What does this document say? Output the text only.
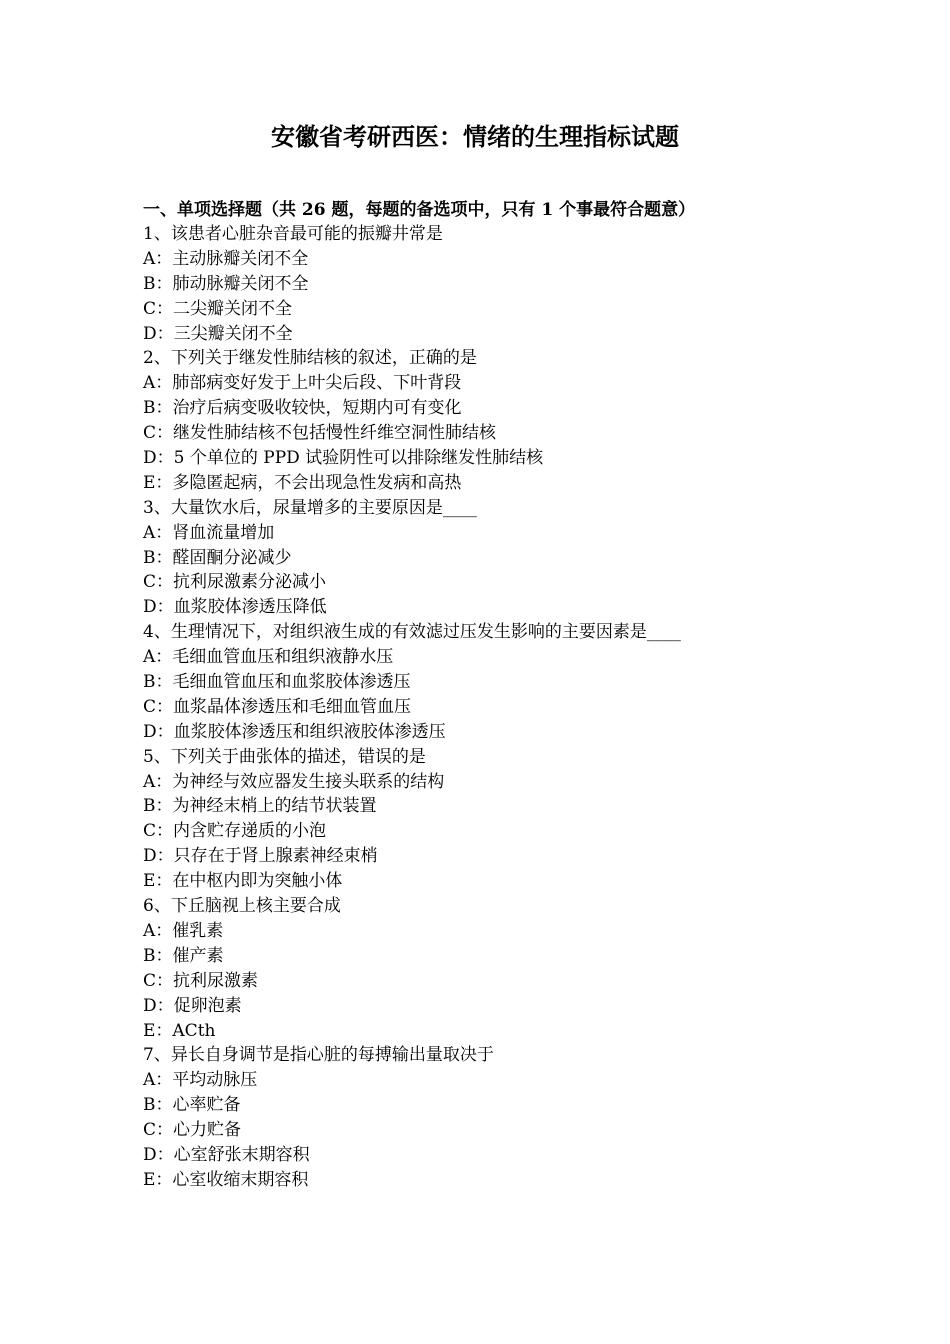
安徽省考研西医：情绪的生理指标试题
一、单项选择题（共 26 题，每题的备选项中，只有 1 个事最符合题意）
1、该患者心脏杂音最可能的振瓣井常是
A：主动脉瓣关闭不全
B：肺动脉瓣关闭不全
C：二尖瓣关闭不全
D：三尖瓣关闭不全
2、下列关于继发性肺结核的叙述，正确的是
A：肺部病变好发于上叶尖后段、下叶背段
B：治疗后病变吸收较快，短期内可有变化
C：继发性肺结核不包括慢性纤维空洞性肺结核
D：5 个单位的 PPD 试验阴性可以排除继发性肺结核
E：多隐匿起病，不会出现急性发病和高热
3、大量饮水后，尿量增多的主要原因是____
A：肾血流量增加
B：醛固酮分泌减少
C：抗利尿激素分泌减小
D：血浆胶体渗透压降低
4、生理情况下，对组织液生成的有效滤过压发生影响的主要因素是____
A：毛细血管血压和组织液静水压
B：毛细血管血压和血浆胶体渗透压
C：血浆晶体渗透压和毛细血管血压
D：血浆胶体渗透压和组织液胶体渗透压
5、下列关于曲张体的描述，错误的是
A：为神经与效应器发生接头联系的结构
B：为神经末梢上的结节状装置
C：内含贮存递质的小泡
D：只存在于肾上腺素神经束梢
E：在中枢内即为突触小体
6、下丘脑视上核主要合成
A：催乳素
B：催产素
C：抗利尿激素
D：促卵泡素
E：ACth
7、异长自身调节是指心脏的每搏输出量取决于
A：平均动脉压
B：心率贮备
C：心力贮备
D：心室舒张末期容积
E：心室收缩末期容积
